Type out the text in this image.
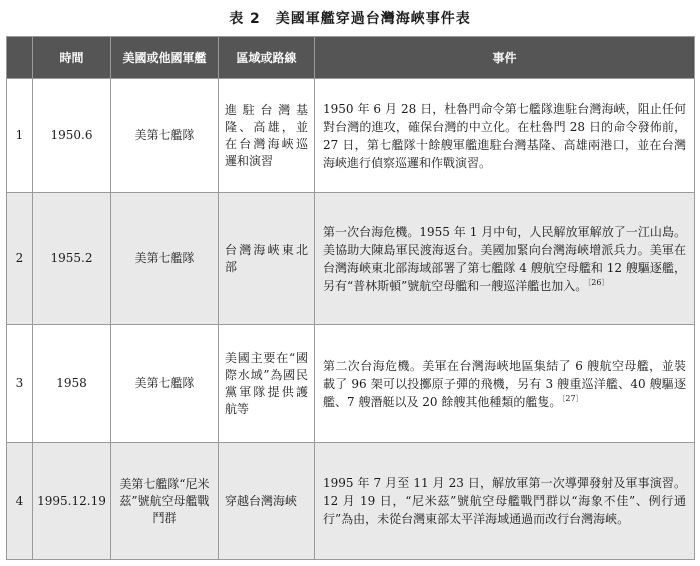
表 2　美國軍艦穿過台灣海峽事件表
	時間	美國或他國軍艦	區域或路線	事件
1	1950.6	美第七艦隊	進駐台灣基隆、高雄，並在台灣海峽巡邏和演習	1950 年 6 月 28 日，杜魯門命令第七艦隊進駐台灣海峽，阻止任何對台灣的進攻，確保台灣的中立化。在杜魯門 28 日的命令發佈前，27 日，第七艦隊十餘艘軍艦進駐台灣基隆、高雄兩港口，並在台灣海峽進行偵察巡邏和作戰演習。
2	1955.2	美第七艦隊	台灣海峽東北部	第一次台海危機。1955 年 1 月中旬，人民解放軍解放了一江山島。美協助大陳島軍民渡海返台。美國加緊向台灣海峽增派兵力。美軍在台灣海峽東北部海域部署了第七艦隊 4 艘航空母艦和 12 艘驅逐艦，另有“普林斯頓”號航空母艦和一艘巡洋艦也加入。$^{〔26〕}$
3	1958	美第七艦隊	美國主要在“國際水域”為國民黨軍隊提供護航等	第二次台海危機。美軍在台灣海峽地區集結了 6 艘航空母艦，並裝載了 96 架可以投擲原子彈的飛機，另有 3 艘重巡洋艦、40 艘驅逐艦、7 艘潛艇以及 20 餘艘其他種類的艦隻。$^{〔27〕}$
4	1995.12.19	美第七艦隊“尼米茲”號航空母艦戰鬥群	穿越台灣海峽	1995 年 7 月至 11 月 23 日，解放軍第一次導彈發射及軍事演習。12 月 19 日，“尼米茲”號航空母艦戰鬥群以“海象不佳”、例行通行”為由，未從台灣東部太平洋海域通過而改行台灣海峽。
